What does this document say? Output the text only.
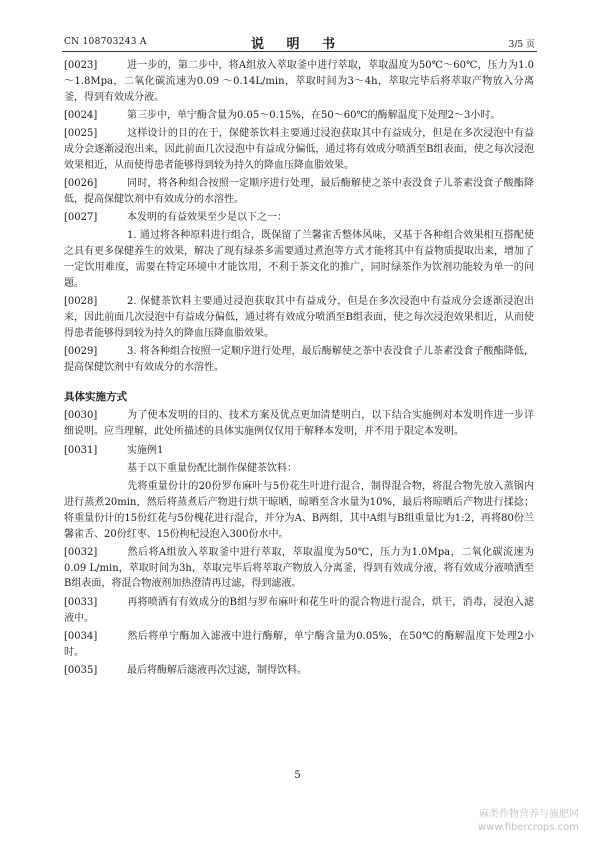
CN 108703243 A	说 明 书	3/5 页

[0023]	进一步的，第二步中，将A组放入萃取釜中进行萃取，萃取温度为50℃～60℃，压力为1.0～1.8Mpa，二氧化碳流速为0.09 ～0.14L/min，萃取时间为3～4h，萃取完毕后将萃取产物放入分离釜，得到有效成分液。

[0024]	第三步中，单宁酶含量为0.05～0.15%，在50～60℃的酶解温度下处理2～3小时。

[0025]	这样设计的目的在于，保健茶饮料主要通过浸泡获取其中有益成分，但是在多次浸泡中有益成分会逐渐浸泡出来，因此前面几次浸泡中有益成分偏低，通过将有效成分喷洒至B组表面，使之每次浸泡效果相近，从而使得患者能够得到较为持久的降血压降血脂效果。

[0026]	同时，将各种组合按照一定顺序进行处理，最后酶解使之茶中表没食子儿茶素没食子酸酯降低，提高保健饮剂中有效成分的水溶性。

[0027]	本发明的有益效果至少是以下之一：

1. 通过将各种原料进行组合，既保留了兰馨雀舌整体风味，又基于各种组合效果相互搭配使之具有更多保健养生的效果，解决了现有绿茶多需要通过煮泡等方式才能将其中有益物质提取出来，增加了一定饮用难度，需要在特定环境中才能饮用，不利于茶文化的推广，同时绿茶作为饮剂功能较为单一的问题。

[0028]	2. 保健茶饮料主要通过浸泡获取其中有益成分，但是在多次浸泡中有益成分会逐渐浸泡出来，因此前面几次浸泡中有益成分偏低，通过将有效成分喷洒至B组表面，使之每次浸泡效果相近，从而使得患者能够得到较为持久的降血压降血脂效果。

[0029]	3. 将各种组合按照一定顺序进行处理，最后酶解使之茶中表没食子儿茶素没食子酸酯降低，提高保健饮剂中有效成分的水溶性。

具体实施方式

[0030]	为了使本发明的目的、技术方案及优点更加清楚明白，以下结合实施例对本发明作进一步详细说明。应当理解，此处所描述的具体实施例仅仅用于解释本发明，并不用于限定本发明。

[0031]	实施例1

基于以下重量份配比制作保健茶饮料：

先将重量份计的20份罗布麻叶与5份花生叶进行混合，制得混合物，将混合物先放入蒸锅内进行蒸煮20min，然后将蒸煮后产物进行烘干晾晒，晾晒至含水量为10%，最后将晾晒后产物进行揉捻；将重量份计的15份红花与5份槐花进行混合，并分为A、B两组，其中A组与B组重量比为1:2，再将80份兰馨雀舌、20份红枣、15份枸杞浸泡入300份水中。

[0032]	然后将A组放入萃取釜中进行萃取，萃取温度为50℃，压力为1.0Mpa，二氧化碳流速为0.09 L/min，萃取时间为3h，萃取完毕后将萃取产物放入分离釜，得到有效成分液，将有效成分液喷洒至B组表面，将混合物液剂加热澄清再过滤，得到滤液。

[0033]	再将喷洒有有效成分的B组与罗布麻叶和花生叶的混合物进行混合，烘干，消毒，浸泡入滤液中。

[0034]	然后将单宁酶加入滤液中进行酶解，单宁酶含量为0.05%，在50℃的酶解温度下处理2小时。

[0035]	最后将酶解后滤液再次过滤，制得饮料。

5
麻类作物营养与施肥网
www.fibercrops.com
